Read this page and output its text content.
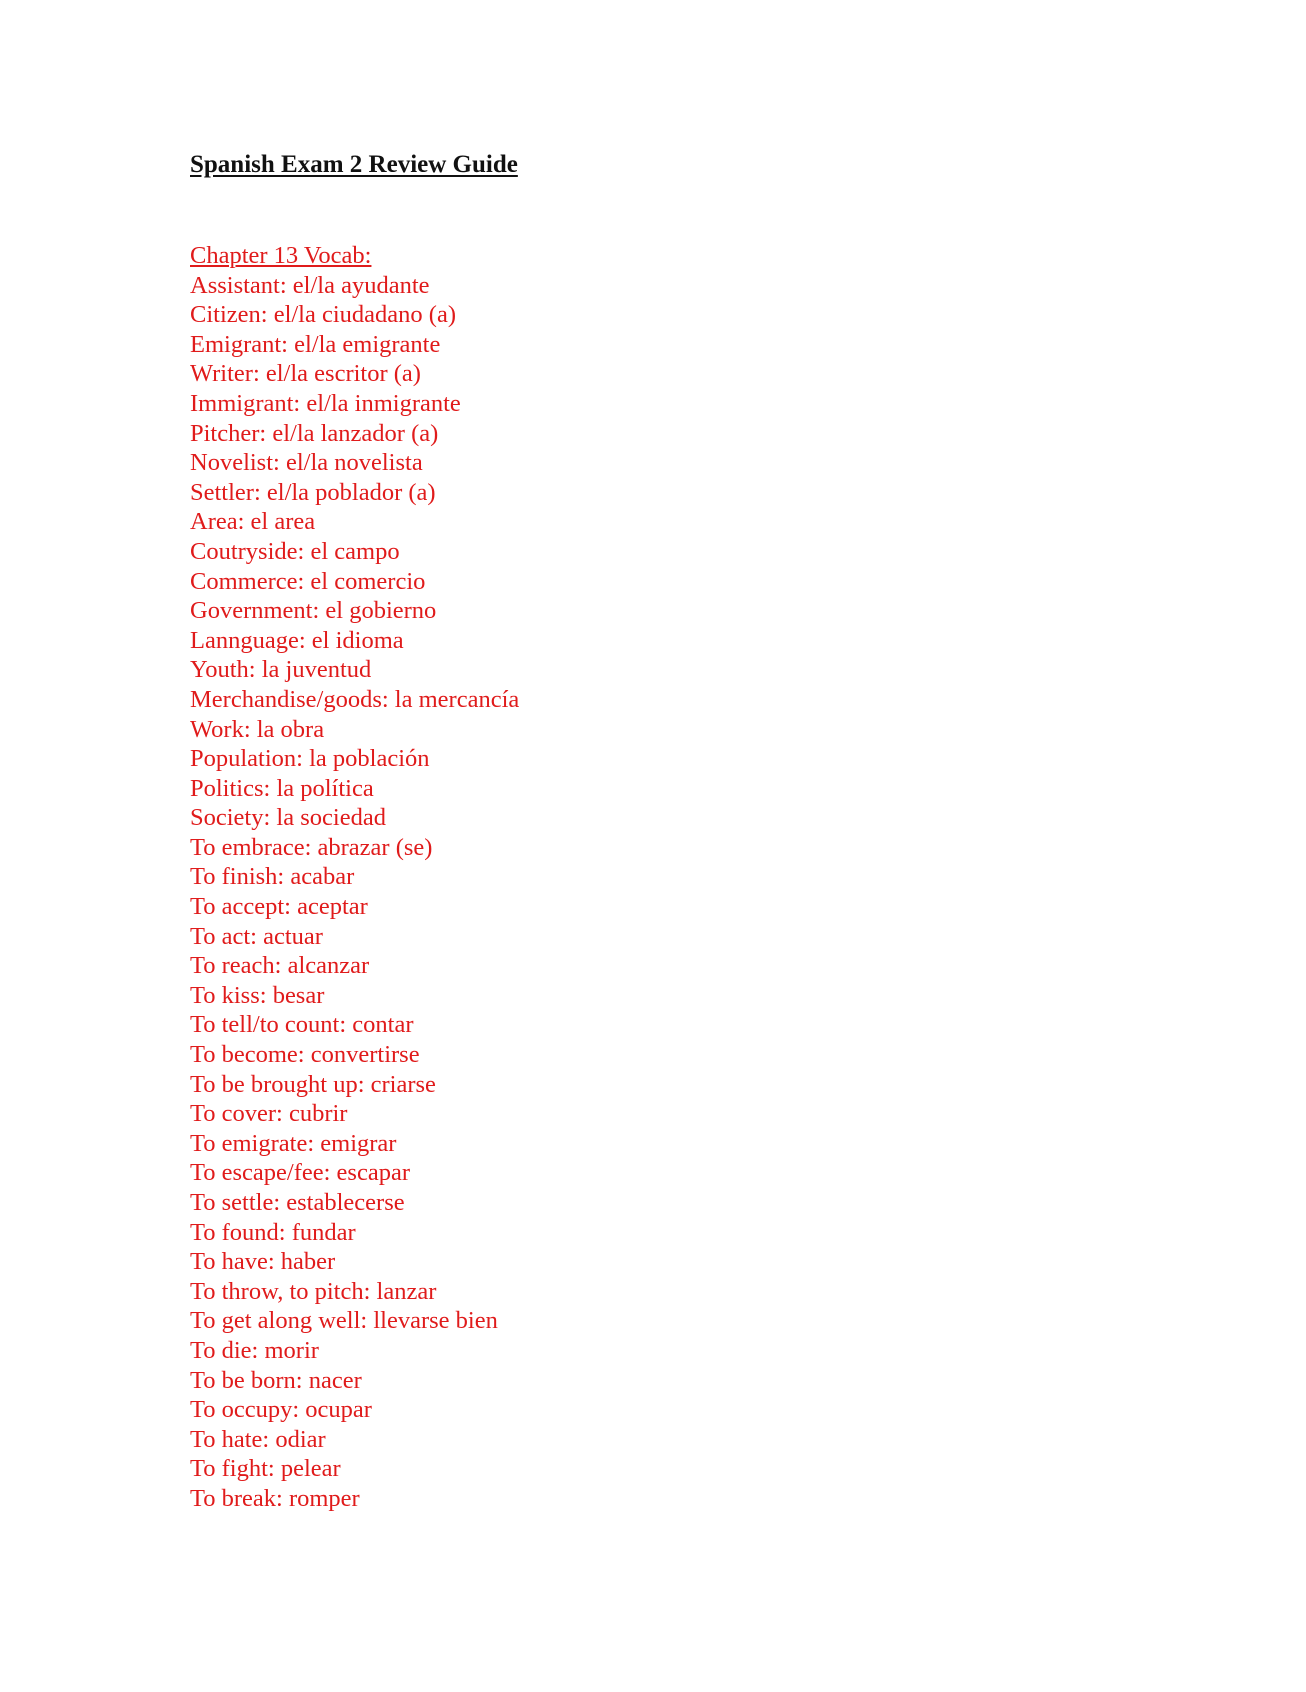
Spanish Exam 2 Review Guide
Chapter 13 Vocab:
Assistant: el/la ayudante
Citizen: el/la ciudadano (a)
Emigrant: el/la emigrante
Writer: el/la escritor (a)
Immigrant: el/la inmigrante
Pitcher: el/la lanzador (a)
Novelist: el/la novelista
Settler: el/la poblador (a)
Area: el area
Coutryside: el campo
Commerce: el comercio
Government: el gobierno
Lannguage: el idioma
Youth: la juventud
Merchandise/goods: la mercancía
Work: la obra
Population: la población
Politics: la política
Society: la sociedad
To embrace: abrazar (se)
To finish: acabar
To accept: aceptar
To act: actuar
To reach: alcanzar
To kiss: besar
To tell/to count: contar
To become: convertirse
To be brought up: criarse
To cover: cubrir
To emigrate: emigrar
To escape/fee: escapar
To settle: establecerse
To found: fundar
To have: haber
To throw, to pitch: lanzar
To get along well: llevarse bien
To die: morir
To be born: nacer
To occupy: ocupar
To hate: odiar
To fight: pelear
To break: romper
